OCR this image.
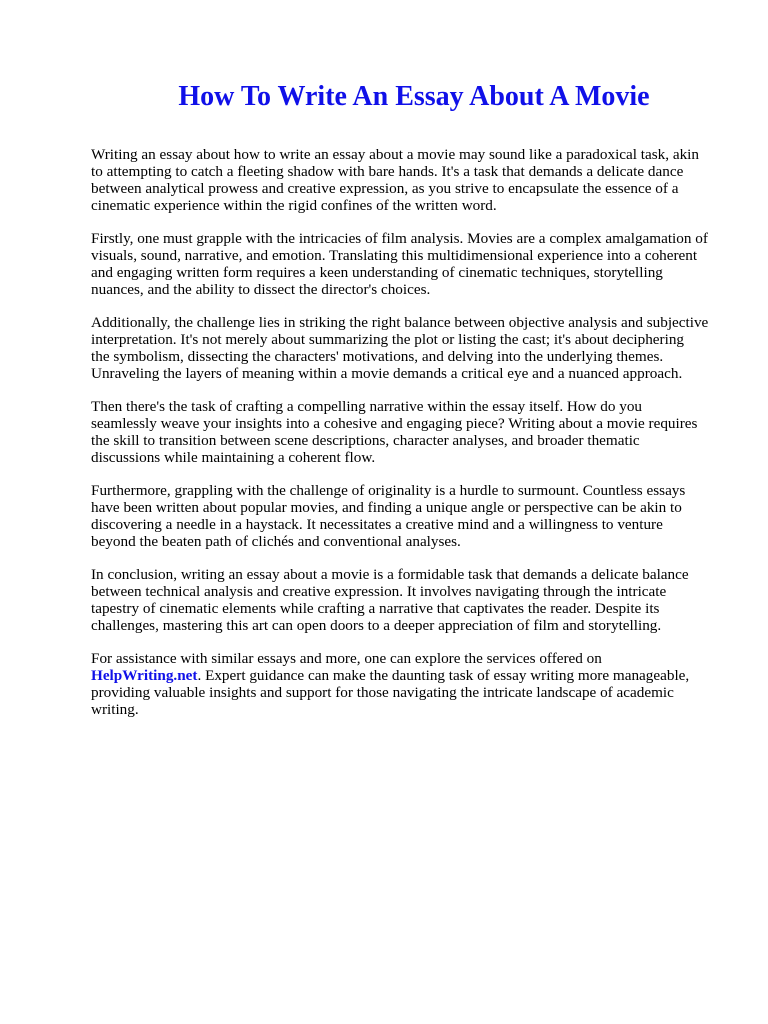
How To Write An Essay About A Movie

Writing an essay about how to write an essay about a movie may sound like a paradoxical task, akin
to attempting to catch a fleeting shadow with bare hands. It's a task that demands a delicate dance
between analytical prowess and creative expression, as you strive to encapsulate the essence of a
cinematic experience within the rigid confines of the written word.

Firstly, one must grapple with the intricacies of film analysis. Movies are a complex amalgamation of
visuals, sound, narrative, and emotion. Translating this multidimensional experience into a coherent
and engaging written form requires a keen understanding of cinematic techniques, storytelling
nuances, and the ability to dissect the director's choices.

Additionally, the challenge lies in striking the right balance between objective analysis and subjective
interpretation. It's not merely about summarizing the plot or listing the cast; it's about deciphering
the symbolism, dissecting the characters' motivations, and delving into the underlying themes.
Unraveling the layers of meaning within a movie demands a critical eye and a nuanced approach.

Then there's the task of crafting a compelling narrative within the essay itself. How do you
seamlessly weave your insights into a cohesive and engaging piece? Writing about a movie requires
the skill to transition between scene descriptions, character analyses, and broader thematic
discussions while maintaining a coherent flow.

Furthermore, grappling with the challenge of originality is a hurdle to surmount. Countless essays
have been written about popular movies, and finding a unique angle or perspective can be akin to
discovering a needle in a haystack. It necessitates a creative mind and a willingness to venture
beyond the beaten path of clichés and conventional analyses.

In conclusion, writing an essay about a movie is a formidable task that demands a delicate balance
between technical analysis and creative expression. It involves navigating through the intricate
tapestry of cinematic elements while crafting a narrative that captivates the reader. Despite its
challenges, mastering this art can open doors to a deeper appreciation of film and storytelling.

For assistance with similar essays and more, one can explore the services offered on
HelpWriting.net. Expert guidance can make the daunting task of essay writing more manageable,
providing valuable insights and support for those navigating the intricate landscape of academic
writing.
